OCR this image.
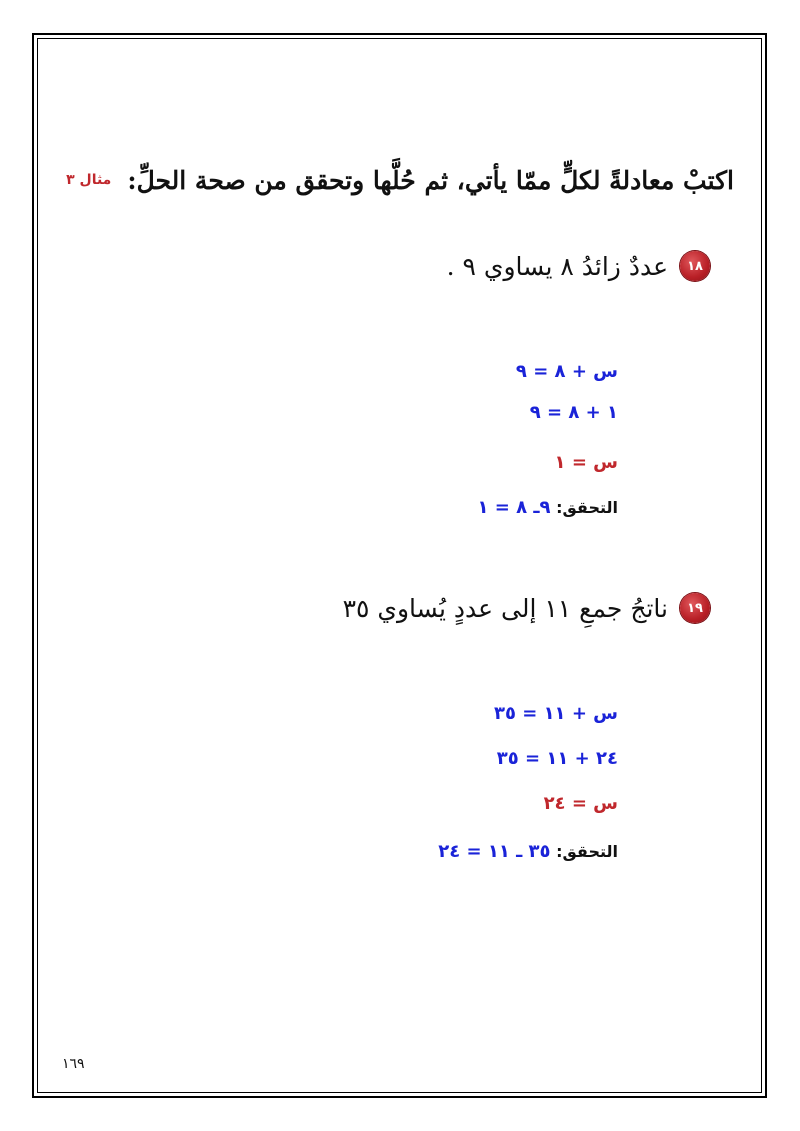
اكتبْ معادلةً لكلٍّ ممّا يأتي، ثم حُلَّها وتحقق من صحة الحلِّ:
مثال ٣
١٨
عددٌ زائدُ ٨ يساوي ٩ .
س + ٨ = ٩
١ + ٨ = ٩
س = ١
التحقق: ٩ـ ٨ = ١
١٩
ناتجُ جمعِ ١١ إلى عددٍ يُساوي ٣٥
س + ١١ = ٣٥
٢٤ + ١١ = ٣٥
س = ٢٤
التحقق: ٣٥ ـ ١١ = ٢٤
١٦٩
